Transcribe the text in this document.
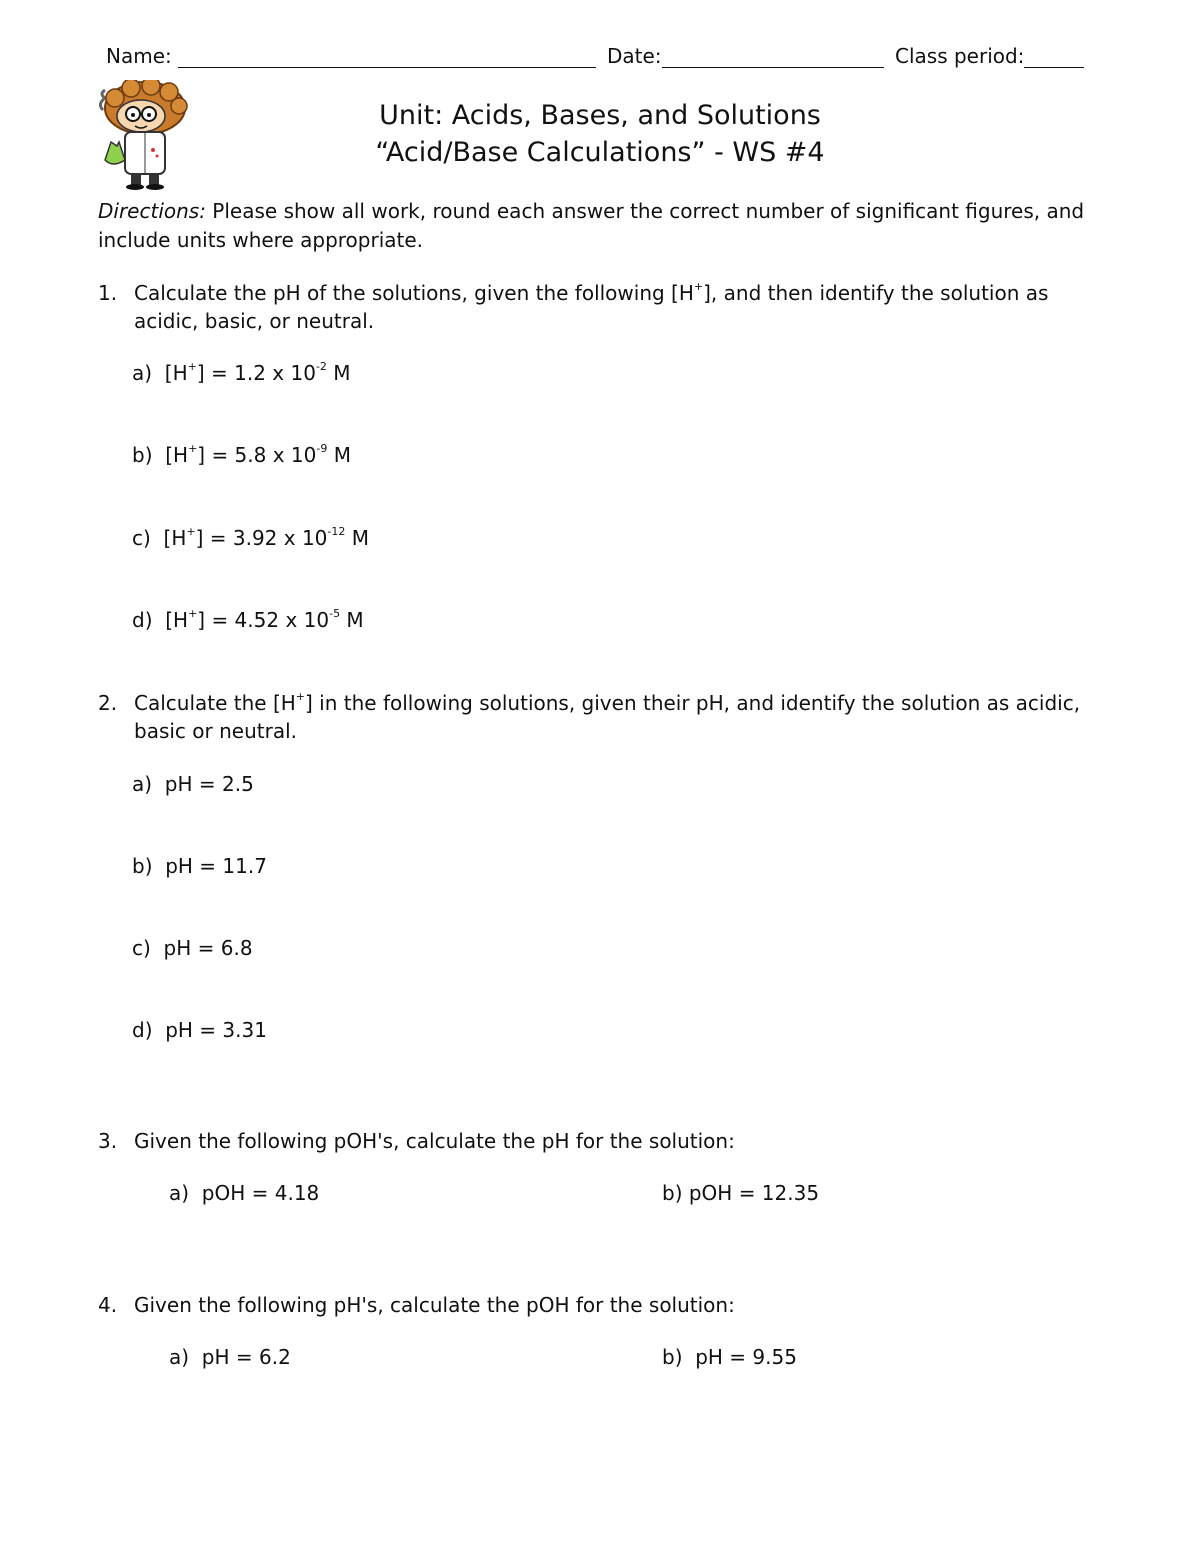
Name:	Date:	Class period:
Unit: Acids, Bases, and Solutions
“Acid/Base Calculations” - WS #4
Directions: Please show all work, round each answer the correct number of significant figures, and include units where appropriate.
1. Calculate the pH of the solutions, given the following [H+], and then identify the solution as acidic, basic, or neutral.
a) [H+] = 1.2 x $10^{-2}$ M
b) [H+] = 5.8 x $10^{-9}$ M
c) [H+] = 3.92 x $10^{-12}$ M
d) [H+] = 4.52 x $10^{-5}$ M
2. Calculate the [H+] in the following solutions, given their pH, and identify the solution as acidic, basic or neutral.
a) pH = 2.5
b) pH = 11.7
c) pH = 6.8
d) pH = 3.31
3. Given the following pOH's, calculate the pH for the solution:
a) pOH = 4.18	b) pOH = 12.35
4. Given the following pH's, calculate the pOH for the solution:
a) pH = 6.2	b) pH = 9.55
